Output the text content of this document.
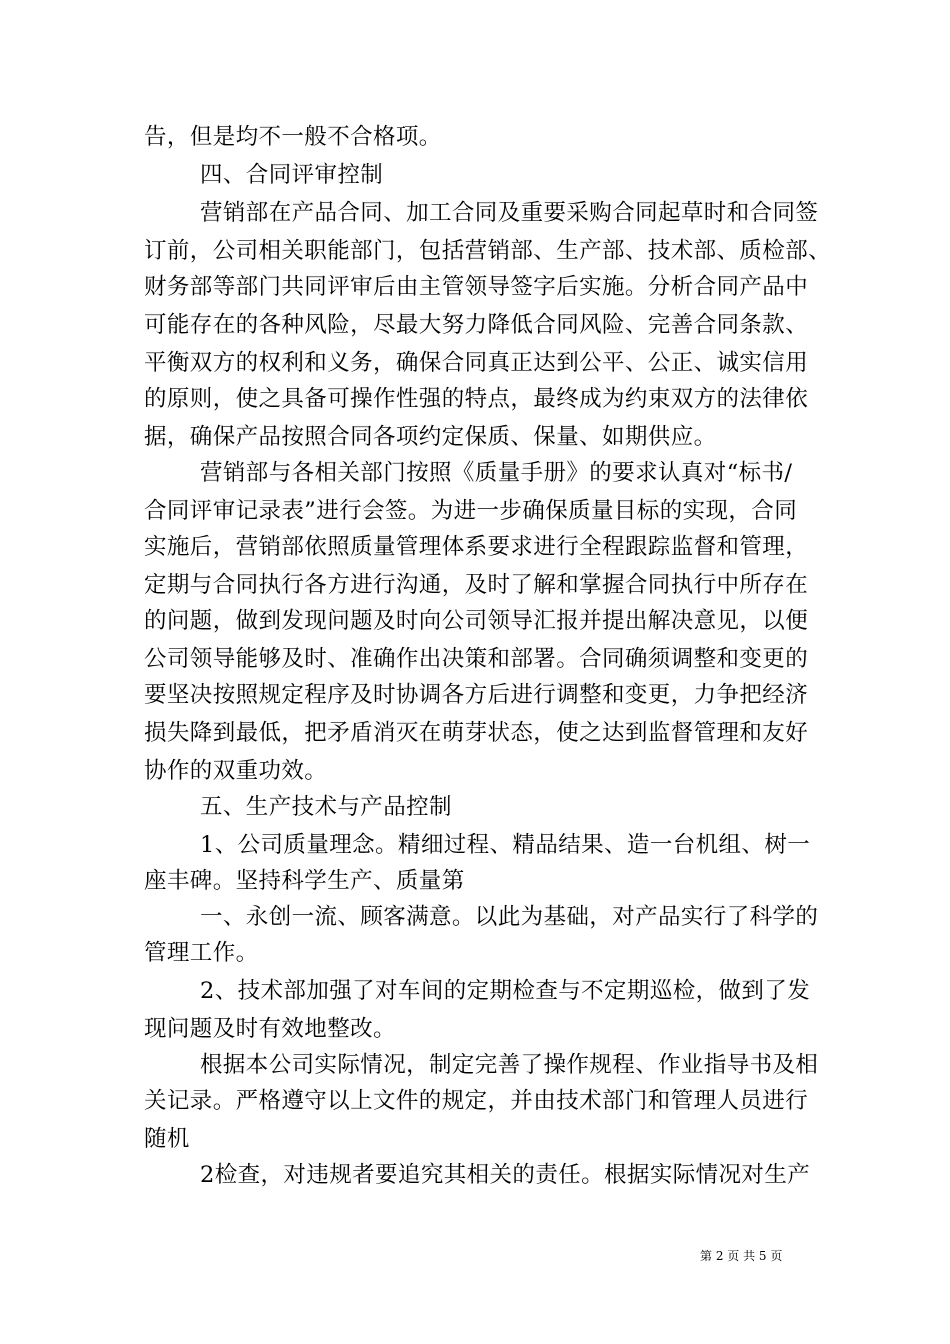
告，但是均不一般不合格项。
四、合同评审控制
营销部在产品合同、加工合同及重要采购合同起草时和合同签
订前，公司相关职能部门，包括营销部、生产部、技术部、质检部、
财务部等部门共同评审后由主管领导签字后实施。分析合同产品中
可能存在的各种风险，尽最大努力降低合同风险、完善合同条款、
平衡双方的权利和义务，确保合同真正达到公平、公正、诚实信用
的原则，使之具备可操作性强的特点，最终成为约束双方的法律依
据，确保产品按照合同各项约定保质、保量、如期供应。
营销部与各相关部门按照《质量手册》的要求认真对“标书/
合同评审记录表”进行会签。为进一步确保质量目标的实现，合同
实施后，营销部依照质量管理体系要求进行全程跟踪监督和管理，
定期与合同执行各方进行沟通，及时了解和掌握合同执行中所存在
的问题，做到发现问题及时向公司领导汇报并提出解决意见，以便
公司领导能够及时、准确作出决策和部署。合同确须调整和变更的
要坚决按照规定程序及时协调各方后进行调整和变更，力争把经济
损失降到最低，把矛盾消灭在萌芽状态，使之达到监督管理和友好
协作的双重功效。
五、生产技术与产品控制
1、公司质量理念。精细过程、精品结果、造一台机组、树一
座丰碑。坚持科学生产、质量第
一、永创一流、顾客满意。以此为基础，对产品实行了科学的
管理工作。
2、技术部加强了对车间的定期检查与不定期巡检，做到了发
现问题及时有效地整改。
根据本公司实际情况，制定完善了操作规程、作业指导书及相
关记录。严格遵守以上文件的规定，并由技术部门和管理人员进行
随机
2检查，对违规者要追究其相关的责任。根据实际情况对生产
第 2 页 共 5 页
